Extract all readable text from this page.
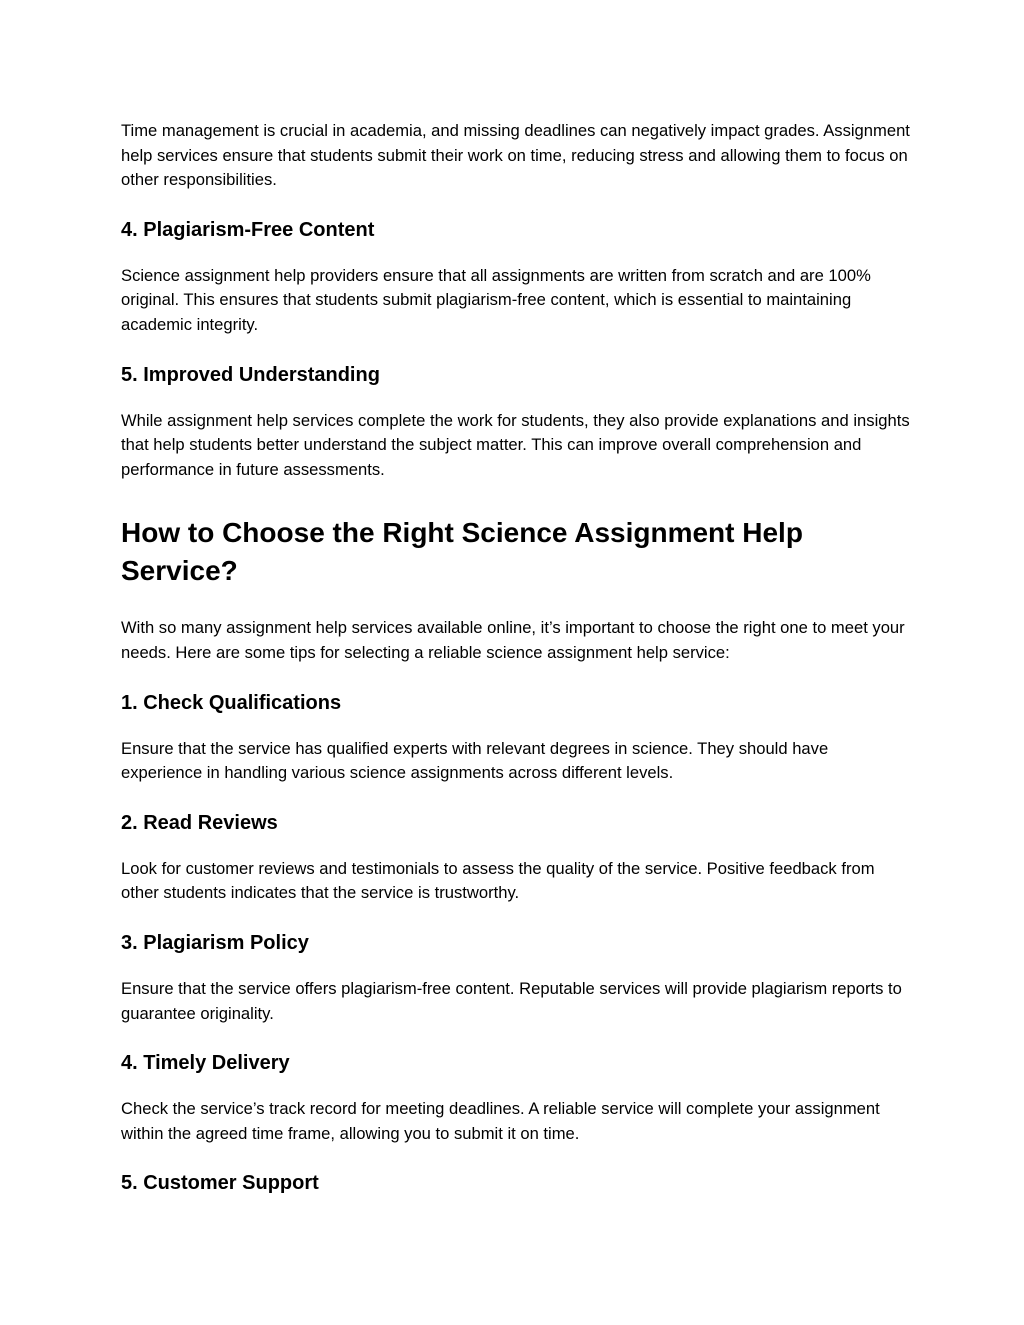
Time management is crucial in academia, and missing deadlines can negatively impact grades. Assignment help services ensure that students submit their work on time, reducing stress and allowing them to focus on other responsibilities.

4. Plagiarism-Free Content

Science assignment help providers ensure that all assignments are written from scratch and are 100% original. This ensures that students submit plagiarism-free content, which is essential to maintaining academic integrity.

5. Improved Understanding

While assignment help services complete the work for students, they also provide explanations and insights that help students better understand the subject matter. This can improve overall comprehension and performance in future assessments.

How to Choose the Right Science Assignment Help Service?

With so many assignment help services available online, it’s important to choose the right one to meet your needs. Here are some tips for selecting a reliable science assignment help service:

1. Check Qualifications

Ensure that the service has qualified experts with relevant degrees in science. They should have experience in handling various science assignments across different levels.

2. Read Reviews

Look for customer reviews and testimonials to assess the quality of the service. Positive feedback from other students indicates that the service is trustworthy.

3. Plagiarism Policy

Ensure that the service offers plagiarism-free content. Reputable services will provide plagiarism reports to guarantee originality.

4. Timely Delivery

Check the service’s track record for meeting deadlines. A reliable service will complete your assignment within the agreed time frame, allowing you to submit it on time.

5. Customer Support
